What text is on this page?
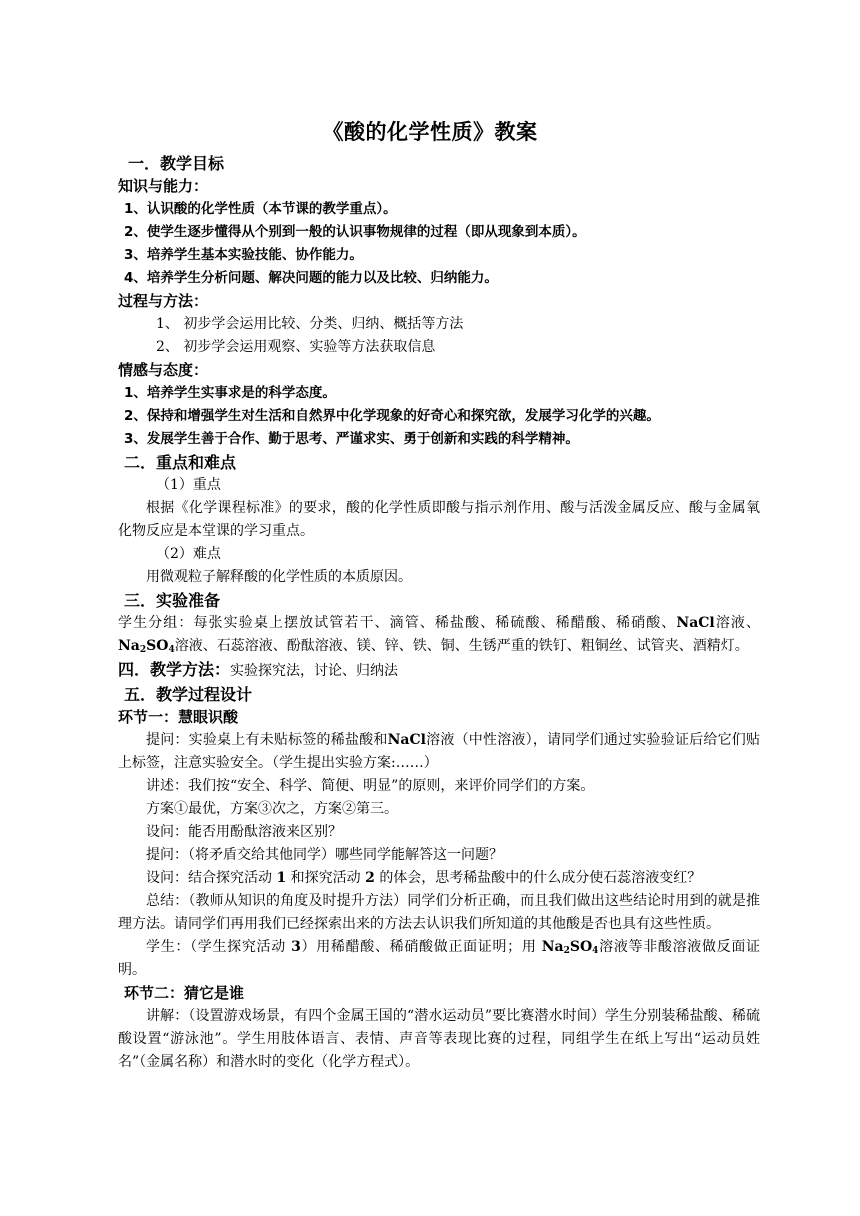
《酸的化学性质》教案
一．教学目标
知识与能力：
1、认识酸的化学性质（本节课的教学重点）。
2、使学生逐步懂得从个别到一般的认识事物规律的过程（即从现象到本质）。
3、培养学生基本实验技能、协作能力。
4、培养学生分析问题、解决问题的能力以及比较、归纳能力。
过程与方法：
1、 初步学会运用比较、分类、归纳、概括等方法
2、 初步学会运用观察、实验等方法获取信息
情感与态度：
1、培养学生实事求是的科学态度。
2、保持和增强学生对生活和自然界中化学现象的好奇心和探究欲，发展学习化学的兴趣。
3、发展学生善于合作、勤于思考、严谨求实、勇于创新和实践的科学精神。
二．重点和难点
（1）重点
根据《化学课程标准》的要求，酸的化学性质即酸与指示剂作用、酸与活泼金属反应、酸与金属氧化物反应是本堂课的学习重点。
（2）难点
用微观粒子解释酸的化学性质的本质原因。
三．实验准备
学生分组：每张实验桌上摆放试管若干、滴管、稀盐酸、稀硫酸、稀醋酸、稀硝酸、NaCl溶液、$Na_2SO_4$溶液、石蕊溶液、酚酞溶液、镁、锌、铁、铜、生锈严重的铁钉、粗铜丝、试管夹、酒精灯。
四．教学方法：实验探究法，讨论、归纳法
五．教学过程设计
环节一：慧眼识酸
提问：实验桌上有未贴标签的稀盐酸和NaCl溶液（中性溶液），请同学们通过实验验证后给它们贴上标签，注意实验安全。（学生提出实验方案:……）
讲述：我们按“安全、科学、简便、明显”的原则，来评价同学们的方案。
方案①最优，方案③次之，方案②第三。
设问：能否用酚酞溶液来区别？
提问：（将矛盾交给其他同学）哪些同学能解答这一问题？
设问：结合探究活动 1 和探究活动 2 的体会，思考稀盐酸中的什么成分使石蕊溶液变红？
总结：（教师从知识的角度及时提升方法）同学们分析正确，而且我们做出这些结论时用到的就是推理方法。请同学们再用我们已经探索出来的方法去认识我们所知道的其他酸是否也具有这些性质。
学生：（学生探究活动 3）用稀醋酸、稀硝酸做正面证明；用 $Na_2SO_4$溶液等非酸溶液做反面证明。
环节二：猜它是谁
讲解：（设置游戏场景，有四个金属王国的“潜水运动员”要比赛潜水时间）学生分别装稀盐酸、稀硫酸设置“游泳池”。学生用肢体语言、表情、声音等表现比赛的过程，同组学生在纸上写出“运动员姓名”（金属名称）和潜水时的变化（化学方程式）。
